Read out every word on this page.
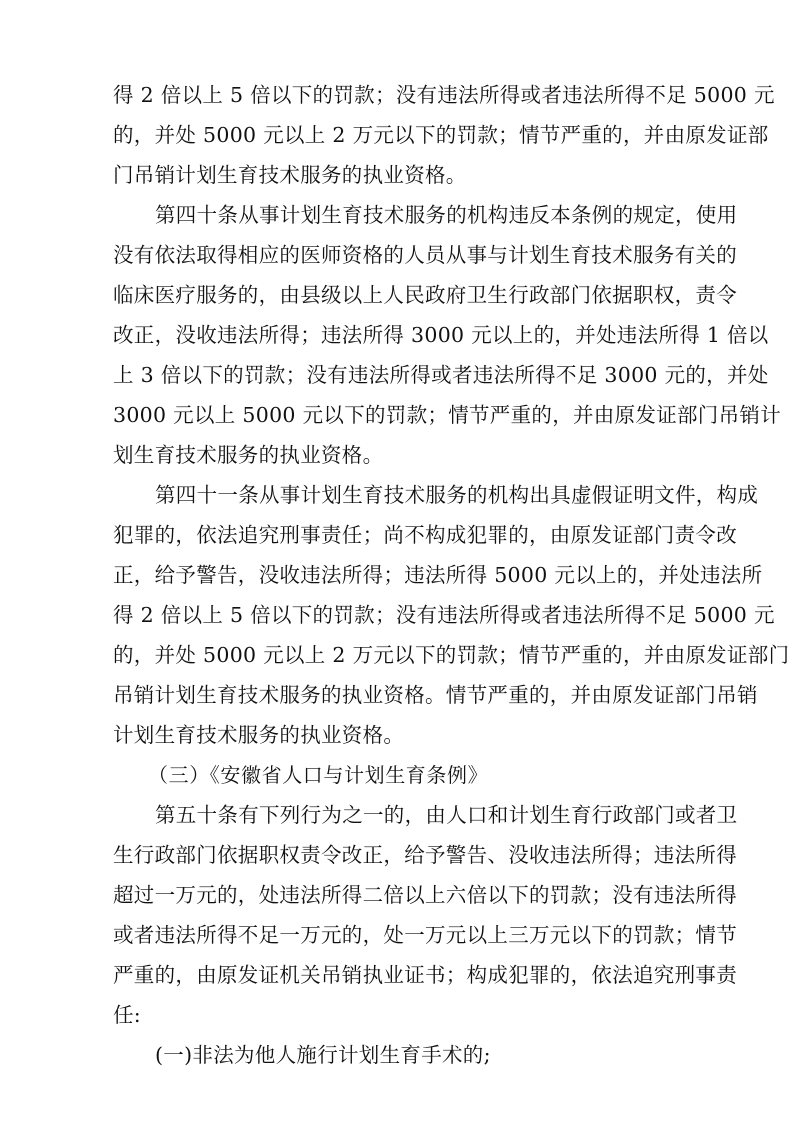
得 2 倍以上 5 倍以下的罚款；没有违法所得或者违法所得不足 5000 元
的，并处 5000 元以上 2 万元以下的罚款；情节严重的，并由原发证部
门吊销计划生育技术服务的执业资格。
第四十条从事计划生育技术服务的机构违反本条例的规定，使用
没有依法取得相应的医师资格的人员从事与计划生育技术服务有关的
临床医疗服务的，由县级以上人民政府卫生行政部门依据职权，责令
改正，没收违法所得；违法所得 3000 元以上的，并处违法所得 1 倍以
上 3 倍以下的罚款；没有违法所得或者违法所得不足 3000 元的，并处
3000 元以上 5000 元以下的罚款；情节严重的，并由原发证部门吊销计
划生育技术服务的执业资格。
第四十一条从事计划生育技术服务的机构出具虚假证明文件，构成
犯罪的，依法追究刑事责任；尚不构成犯罪的，由原发证部门责令改
正，给予警告，没收违法所得；违法所得 5000 元以上的，并处违法所
得 2 倍以上 5 倍以下的罚款；没有违法所得或者违法所得不足 5000 元
的，并处 5000 元以上 2 万元以下的罚款；情节严重的，并由原发证部门
吊销计划生育技术服务的执业资格。情节严重的，并由原发证部门吊销
计划生育技术服务的执业资格。
（三）《安徽省人口与计划生育条例》
第五十条有下列行为之一的，由人口和计划生育行政部门或者卫
生行政部门依据职权责令改正，给予警告、没收违法所得；违法所得
超过一万元的，处违法所得二倍以上六倍以下的罚款；没有违法所得
或者违法所得不足一万元的，处一万元以上三万元以下的罚款；情节
严重的，由原发证机关吊销执业证书；构成犯罪的，依法追究刑事责
任:
(一)非法为他人施行计划生育手术的;
